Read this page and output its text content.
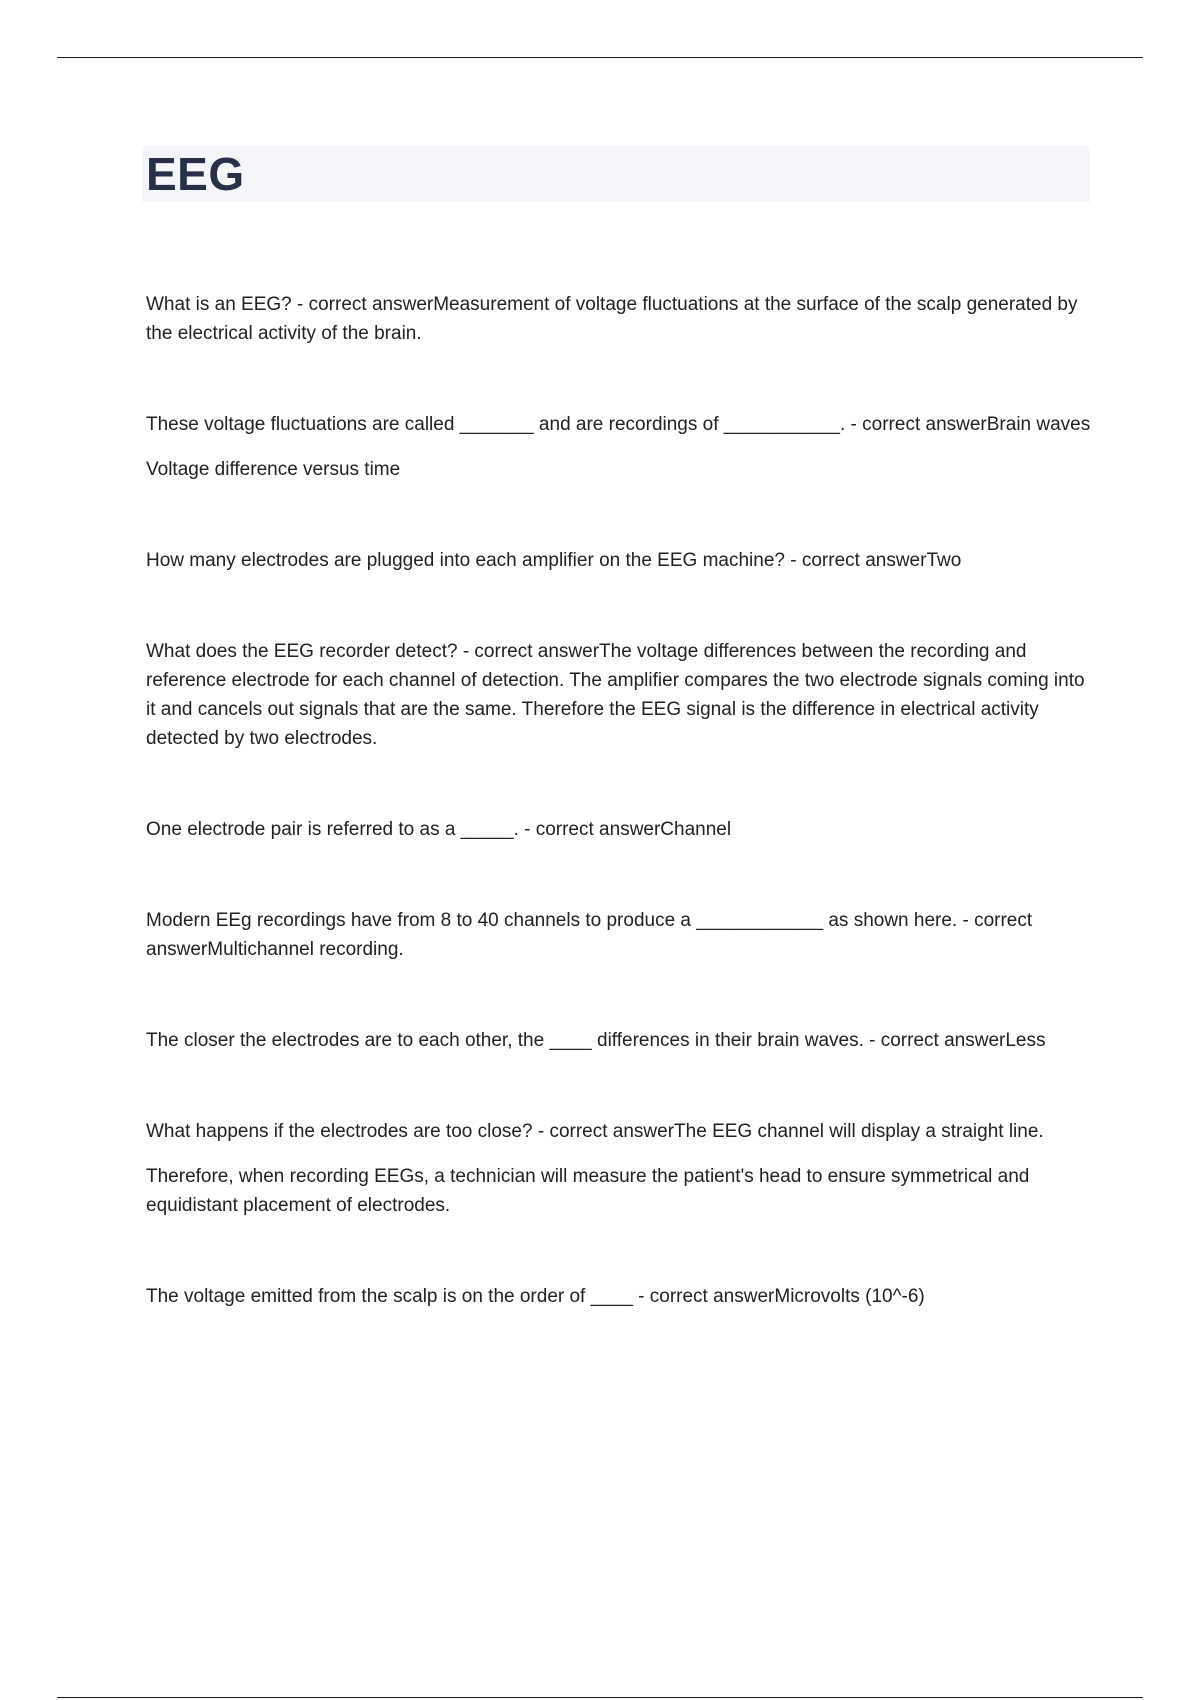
EEG

What is an EEG? - correct answerMeasurement of voltage fluctuations at the surface of the scalp generated by the electrical activity of the brain.

These voltage fluctuations are called _______ and are recordings of ___________. - correct answerBrain waves

Voltage difference versus time

How many electrodes are plugged into each amplifier on the EEG machine? - correct answerTwo

What does the EEG recorder detect? - correct answerThe voltage differences between the recording and reference electrode for each channel of detection. The amplifier compares the two electrode signals coming into it and cancels out signals that are the same. Therefore the EEG signal is the difference in electrical activity detected by two electrodes.

One electrode pair is referred to as a _____. - correct answerChannel

Modern EEg recordings have from 8 to 40 channels to produce a ____________ as shown here. - correct answerMultichannel recording.

The closer the electrodes are to each other, the ____ differences in their brain waves. - correct answerLess

What happens if the electrodes are too close? - correct answerThe EEG channel will display a straight line.

Therefore, when recording EEGs, a technician will measure the patient's head to ensure symmetrical and equidistant placement of electrodes.

The voltage emitted from the scalp is on the order of ____ - correct answerMicrovolts (10^-6)
